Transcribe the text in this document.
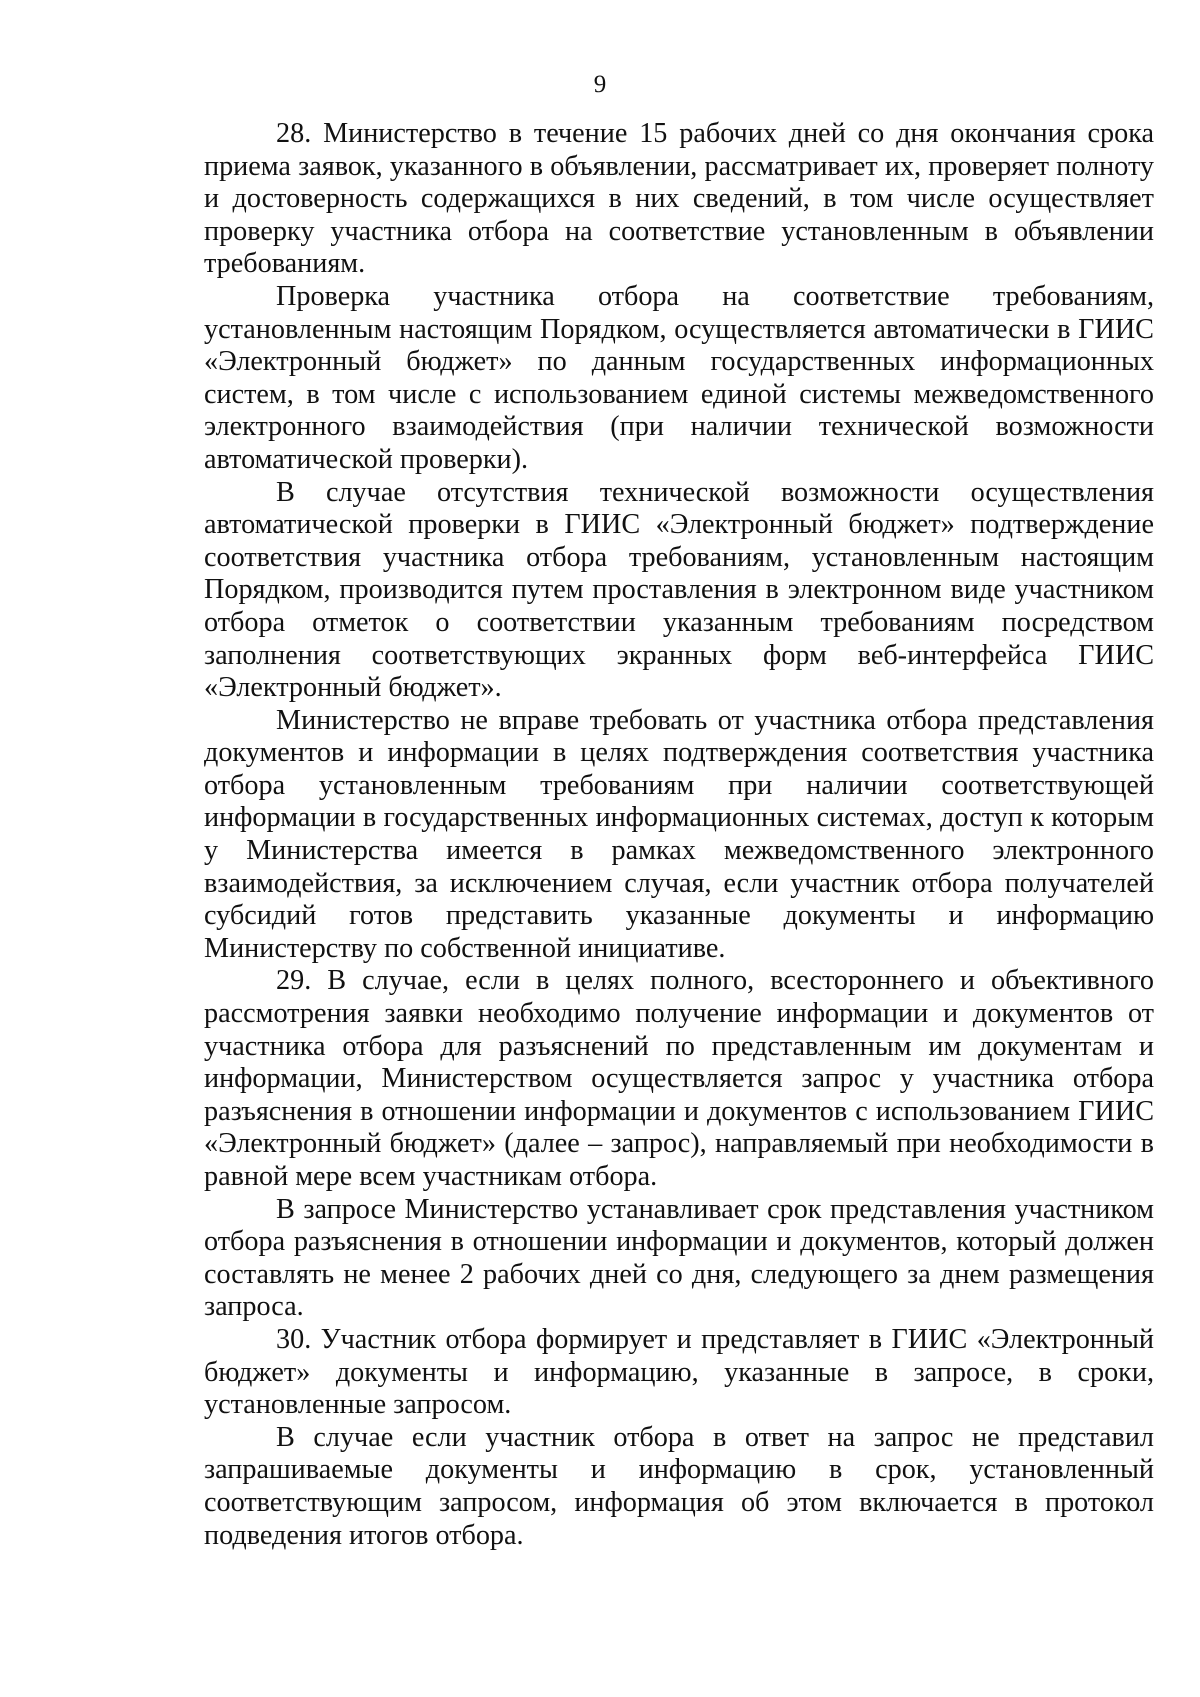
9

28. Министерство в течение 15 рабочих дней со дня окончания срока приема заявок, указанного в объявлении, рассматривает их, проверяет полноту и достоверность содержащихся в них сведений, в том числе осуществляет проверку участника отбора на соответствие установленным в объявлении требованиям.

Проверка участника отбора на соответствие требованиям, установленным настоящим Порядком, осуществляется автоматически в ГИИС «Электронный бюджет» по данным государственных информационных систем, в том числе с использованием единой системы межведомственного электронного взаимодействия (при наличии технической возможности автоматической проверки).

В случае отсутствия технической возможности осуществления автоматической проверки в ГИИС «Электронный бюджет» подтверждение соответствия участника отбора требованиям, установленным настоящим Порядком, производится путем проставления в электронном виде участником отбора отметок о соответствии указанным требованиям посредством заполнения соответствующих экранных форм веб-интерфейса ГИИС «Электронный бюджет».

Министерство не вправе требовать от участника отбора представления документов и информации в целях подтверждения соответствия участника отбора установленным требованиям при наличии соответствующей информации в государственных информационных системах, доступ к которым у Министерства имеется в рамках межведомственного электронного взаимодействия, за исключением случая, если участник отбора получателей субсидий готов представить указанные документы и информацию Министерству по собственной инициативе.

29. В случае, если в целях полного, всестороннего и объективного рассмотрения заявки необходимо получение информации и документов от участника отбора для разъяснений по представленным им документам и информации, Министерством осуществляется запрос у участника отбора разъяснения в отношении информации и документов с использованием ГИИС «Электронный бюджет» (далее – запрос), направляемый при необходимости в равной мере всем участникам отбора.

В запросе Министерство устанавливает срок представления участником отбора разъяснения в отношении информации и документов, который должен составлять не менее 2 рабочих дней со дня, следующего за днем размещения запроса.

30. Участник отбора формирует и представляет в ГИИС «Электронный бюджет» документы и информацию, указанные в запросе, в сроки, установленные запросом.

В случае если участник отбора в ответ на запрос не представил запрашиваемые документы и информацию в срок, установленный соответствующим запросом, информация об этом включается в протокол подведения итогов отбора.
